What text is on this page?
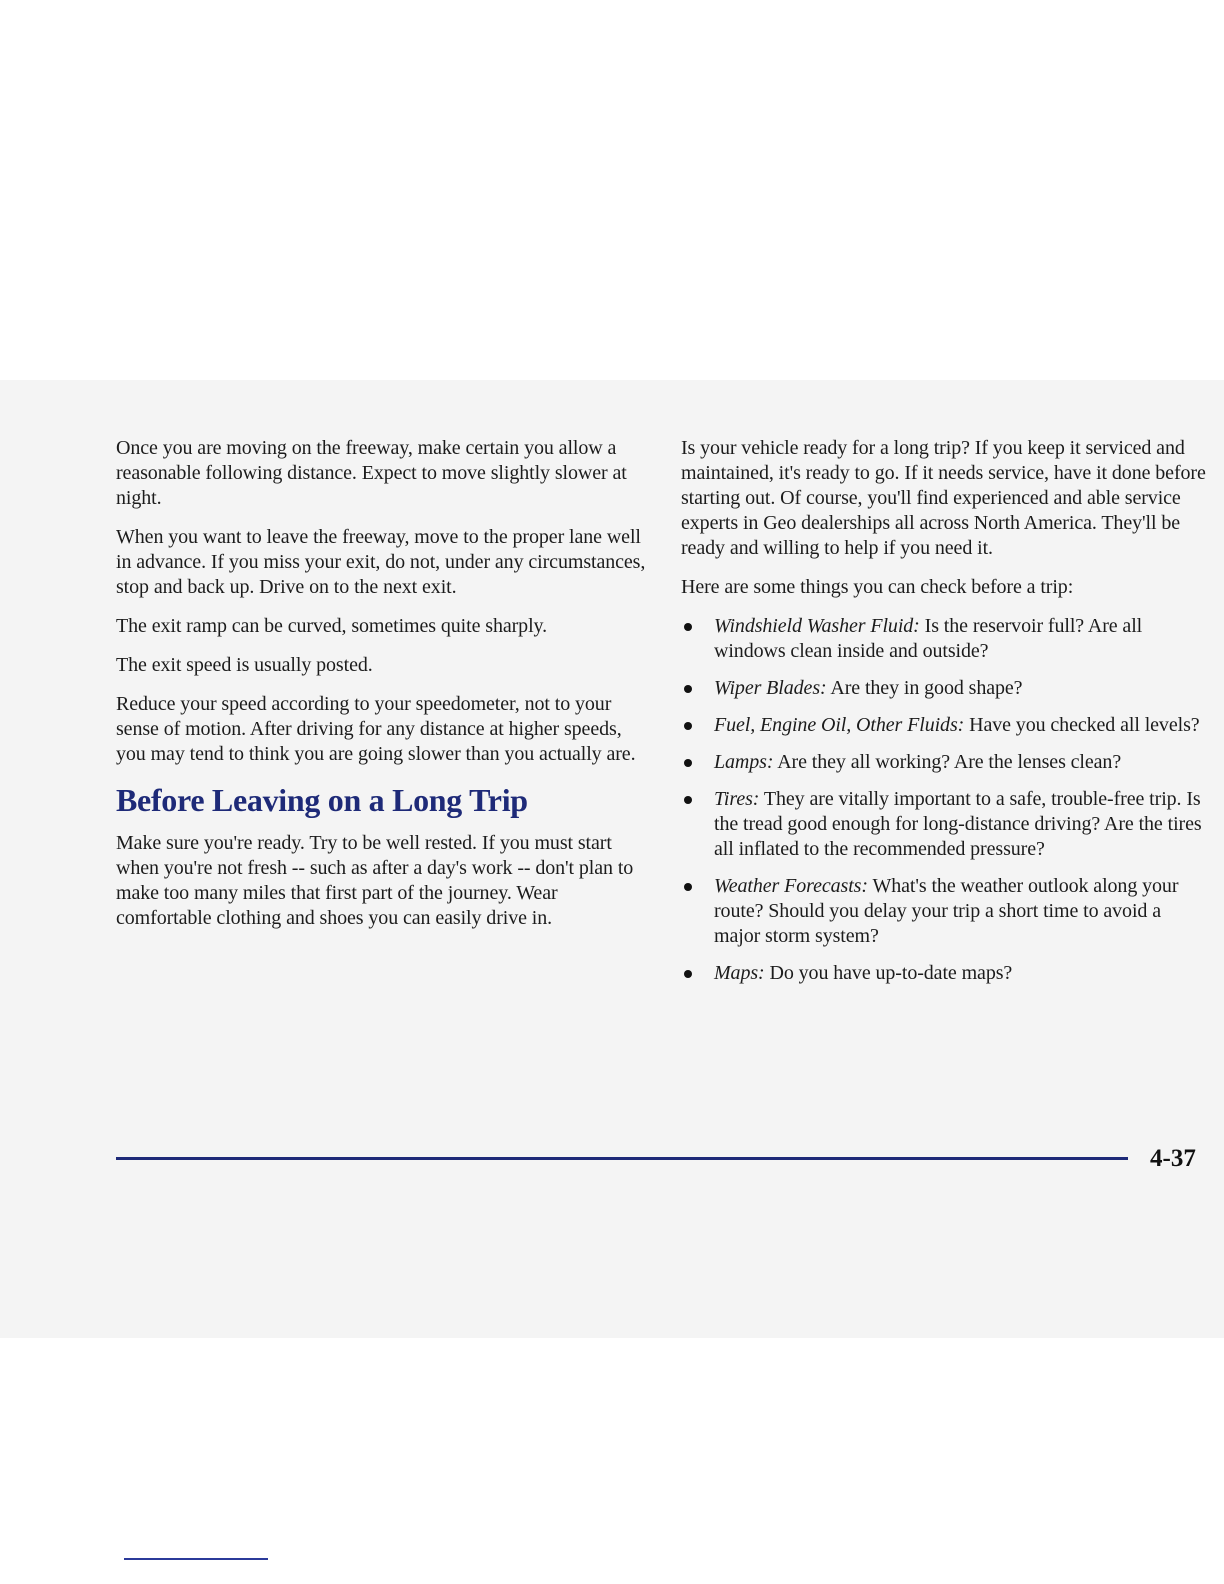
Once you are moving on the freeway, make certain you allow a reasonable following distance. Expect to move slightly slower at night.

When you want to leave the freeway, move to the proper lane well in advance. If you miss your exit, do not, under any circumstances, stop and back up. Drive on to the next exit.

The exit ramp can be curved, sometimes quite sharply.

The exit speed is usually posted.

Reduce your speed according to your speedometer, not to your sense of motion. After driving for any distance at higher speeds, you may tend to think you are going slower than you actually are.

Before Leaving on a Long Trip

Make sure you're ready. Try to be well rested. If you must start when you're not fresh -- such as after a day's work -- don't plan to make too many miles that first part of the journey. Wear comfortable clothing and shoes you can easily drive in.

Is your vehicle ready for a long trip? If you keep it serviced and maintained, it's ready to go. If it needs service, have it done before starting out. Of course, you'll find experienced and able service experts in Geo dealerships all across North America. They'll be ready and willing to help if you need it.

Here are some things you can check before a trip:

Windshield Washer Fluid: Is the reservoir full? Are all windows clean inside and outside?
Wiper Blades: Are they in good shape?
Fuel, Engine Oil, Other Fluids: Have you checked all levels?
Lamps: Are they all working? Are the lenses clean?
Tires: They are vitally important to a safe, trouble-free trip. Is the tread good enough for long-distance driving? Are the tires all inflated to the recommended pressure?
Weather Forecasts: What's the weather outlook along your route? Should you delay your trip a short time to avoid a major storm system?
Maps: Do you have up-to-date maps?
4-37
